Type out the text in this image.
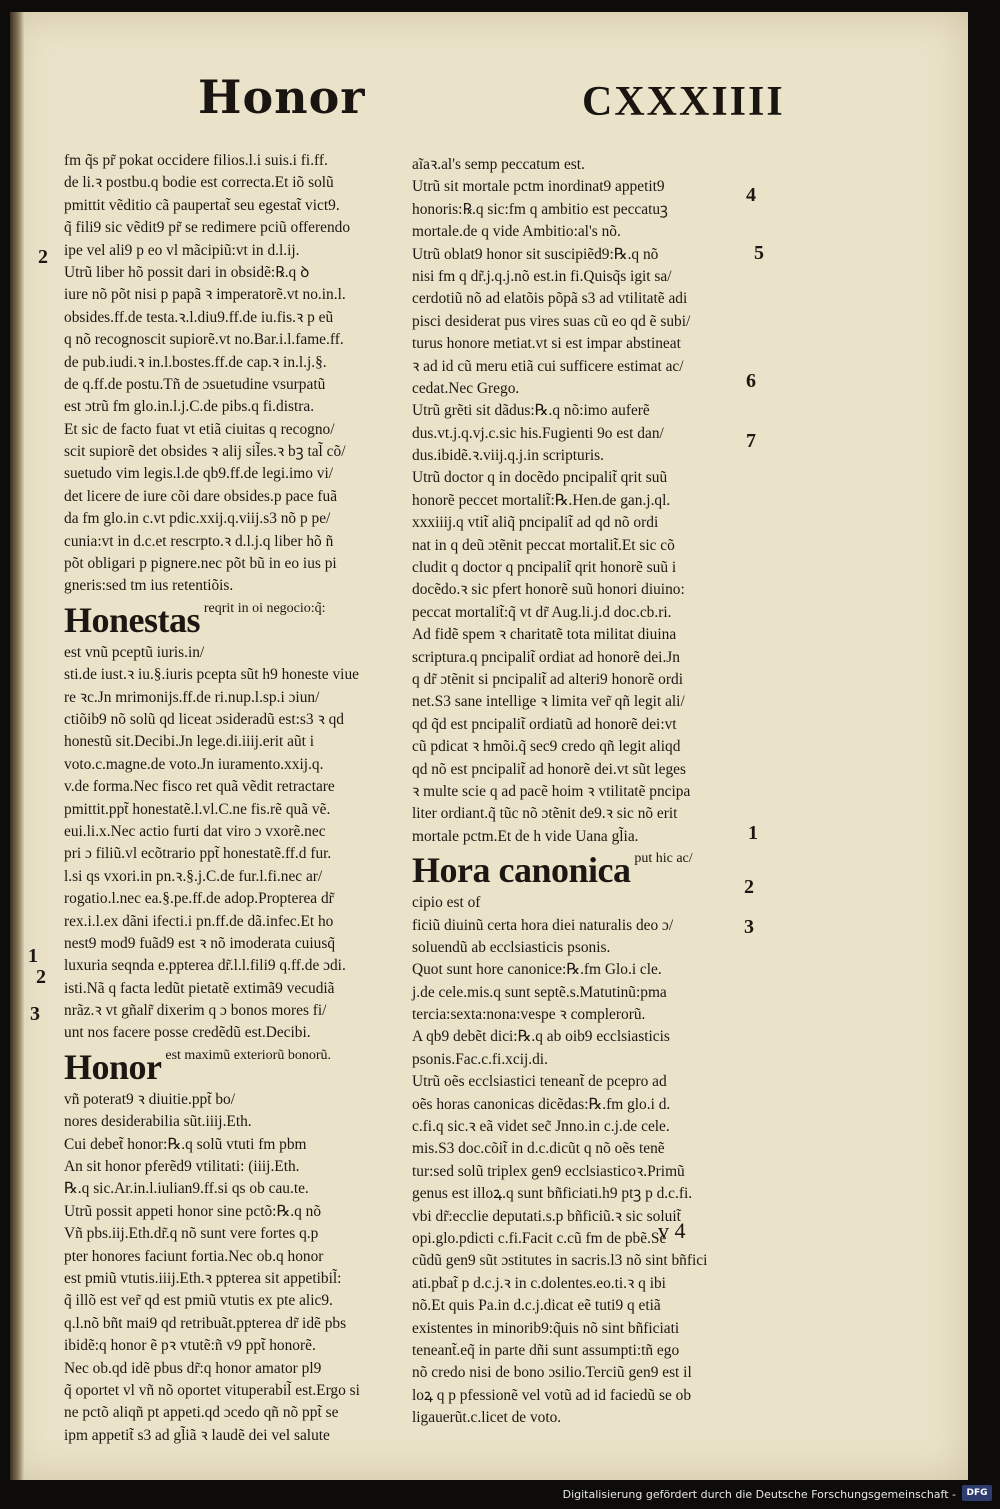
Honor	CXXXIIII
fm q̃s pr̃ pokat occidere filios.l.i suis.i fi.ff.
de li.ꝛ postbu.q bodie est correcta.Et iõ solũ
pmittit vẽditio cã paupertat̃ seu egestat̃ vict9.
q̃ fili9 sic vẽdit9 pr̃ se redimere pciũ offerendo
ipe vel ali9 p eo vl mãcipiũ:vt in d.l.ij.
Utrũ liber hõ possit dari in obsidẽ:℞.q ꝺ
iure nõ põt nisi p papã ꝛ imperatorẽ.vt no.in.l.
obsides.ff.de testa.ꝛ.l.diu9.ff.de iu.fis.ꝛ p eũ
q nõ recognoscit supiorẽ.vt no.Bar.i.l.fame.ff.
de pub.iudi.ꝛ in.l.bostes.ff.de cap.ꝛ in.l.j.§.
de q.ff.de postu.Tñ de ɔsuetudine vsurpatũ
est ɔtrũ fm glo.in.l.j.C.de pibs.q fi.distra.
Et sic de facto fuat vt etiã ciuitas q recogno/
scit supiorẽ det obsides ꝛ alij sil̃es.ꝛ bꝫ tal̃ cõ/
suetudo vim legis.l.de qb9.ff.de legi.imo vi/
det licere de iure cõi dare obsides.p pace fuã
da fm glo.in c.vt pdic.xxij.q.viij.s3 nõ p pe/
cunia:vt in d.c.et rescrpto.ꝛ d.l.j.q liber hõ ñ
põt obligari p pignere.nec põt bũ in eo ius pi
gneris:sed tm ius retentiõis.
Honestas reqrit in oi negocio:q̃:
est vnũ pceptũ iuris.in/
sti.de iust.ꝛ iu.§.iuris pcepta sũt h9 honeste viue
re ꝛc.Jn mrimonijs.ff.de ri.nup.l.sp.i ɔiun/
ctiõib9 nõ solũ qd liceat ɔsideradũ est:s3 ꝛ qd
honestũ sit.Decibi.Jn lege.di.iiij.erit aũt i
voto.c.magne.de voto.Jn iuramento.xxij.q.
v.de forma.Nec fisco ret quã vẽdit retractare
pmittit.ppt̃ honestatẽ.l.vl.C.ne fis.rẽ quã vẽ.
eui.li.x.Nec actio furti dat viro ɔ vxorẽ.nec
pri ɔ filiũ.vl ecõtrario ppt̃ honestatẽ.ff.d fur.
l.si qs vxori.in pn.ꝛ.§.j.C.de fur.l.fi.nec ar/
rogatio.l.nec ea.§.pe.ff.de adop.Propterea dr̃
rex.i.l.ex dãni ifecti.i pn.ff.de dã.infec.Et ho
nest9 mod9 fuãd9 est ꝛ nõ imoderata cuiusq̃
luxuria seqnda e.ppterea dr̃.l.l.fili9 q.ff.de ɔdi.
isti.Nã q facta ledũt pietatẽ extimã9 vecudiã
nrãz.ꝛ vt gñalr̃ dixerim q ɔ bonos mores fi/
unt nos facere posse credẽdũ est.Decibi.
Honor est maximũ exteriorũ bonorũ.
vñ poterat9 ꝛ diuitie.ppt̃ bo/
nores desiderabilia sũt.iiij.Eth.
Cui debet̃ honor:℞.q solũ vtuti fm pbm
An sit honor pferẽd9 vtilitati: (iiij.Eth.
℞.q sic.Ar.in.l.iulian9.ff.si qs ob cau.te.
Utrũ possit appeti honor sine pctõ:℞.q nõ
Vñ pbs.iij.Eth.dr̃.q nõ sunt vere fortes q.p
pter honores faciunt fortia.Nec ob.q honor
est pmiũ vtutis.iiij.Eth.ꝛ ppterea sit appetibil̃:
q̃ illõ est ver̃ qd est pmiũ vtutis ex pte alic9.
q.l.nõ bñt mai9 qd retribuãt.ppterea dr̃ idẽ pbs
ibidẽ:q honor ẽ pꝛ vtutẽ:ñ v9 ppt̃ honorẽ.
Nec ob.qd idẽ pbus dr̃:q honor amator pl9
q̃ oportet vl vñ nõ oportet vituperabil̃ est.Ergo si
ne pctõ aliqñ pt appeti.qd ɔcedo qñ nõ ppt̃ se
ipm appetit̃ s3 ad gl̃iã ꝛ laudẽ dei vel salute
aĩaꝛ.al's semp peccatum est.
Utrũ sit mortale pctm inordinat9 appetit9
honoris:℞.q sic:fm q ambitio est peccatuꝫ
mortale.de q vide Ambitio:al's nõ.
Utrũ oblat9 honor sit suscipiẽd9:℞.q nõ
nisi fm q dr̃.j.q.j.nõ est.in fi.Quisq̃s igit sa/
cerdotiũ nõ ad elatõis põpã s3 ad vtilitatẽ adi
pisci desiderat pus vires suas cũ eo qd ẽ subi/
turus honore metiat.vt si est impar abstineat
ꝛ ad id cũ meru etiã cui sufficere estimat ac/
cedat.Nec Grego.
Utrũ grẽti sit dãdus:℞.q nõ:imo auferẽ
dus.vt.j.q.vj.c.sic his.Fugienti 9o est dan/
dus.ibidẽ.ꝛ.viij.q.j.in scripturis.
Utrũ doctor q in docẽdo pncipalit̃ qrit suũ
honorẽ peccet mortalit̃:℞.Hen.de gan.j.ql.
xxxiiij.q vtit̃ aliq̃ pncipalit̃ ad qd nõ ordi
nat in q deũ ɔtẽnit peccat mortalit̃.Et sic cõ
cludit q doctor q pncipalit̃ qrit honorẽ suũ i
docẽdo.ꝛ sic pfert honorẽ suũ honori diuino:
peccat mortalit̃:q̃ vt dr̃ Aug.li.j.d doc.cb.ri.
Ad fidẽ spem ꝛ charitatẽ tota militat diuina
scriptura.q pncipalit̃ ordiat ad honorẽ dei.Jn
q dr̃ ɔtẽnit si pncipalit̃ ad alteri9 honorẽ ordi
net.S3 sane intellige ꝛ limita ver̃ qñ legit ali/
qd q̃d est pncipalit̃ ordiatũ ad honorẽ dei:vt
cũ pdicat ꝛ hmõi.q̃ sec9 credo qñ legit aliqd
qd nõ est pncipalit̃ ad honorẽ dei.vt sũt leges
ꝛ multe scie q ad pacẽ hoim ꝛ vtilitatẽ pncipa
liter ordiant.q̃ tũc nõ ɔtẽnit de9.ꝛ sic nõ erit
mortale pctm.Et de h vide Uana gl̃ia.
Hora canonica put hic ac/
cipio est of
ficiũ diuinũ certa hora diei naturalis deo ɔ/
soluendũ ab ecclsiasticis psonis.
Quot sunt hore canonice:℞.fm Glo.i cle.
j.de cele.mis.q sunt septẽ.s.Matutinũ:pma
tercia:sexta:nona:vespe ꝛ complerorũ.
A qb9 debẽt dici:℞.q ab oib9 ecclsiasticis
psonis.Fac.c.fi.xcij.di.
Utrũ oẽs ecclsiastici teneant̃ de pcepro ad
oẽs horas canonicas dicẽdas:℞.fm glo.i d.
c.fi.q sic.ꝛ eã videt sec̃ Jnno.in c.j.de cele.
mis.S3 doc.cõit̃ in d.c.dicũt q nõ oẽs tenẽ
tur:sed solũ triplex gen9 ecclsiasticoꝛ.Primũ
genus est illoꝝ.q sunt bñficiati.h9 ptꝫ p d.c.fi.
vbi dr̃:ecclie deputati.s.p bñficiũ.ꝛ sic soluit̃
opi.glo.pdicti c.fi.Facit c.cũ fm de pbẽ.Se
cũdũ gen9 sũt ɔstitutes in sacris.l3 nõ sint bñfici
ati.pbat̃ p d.c.j.ꝛ in c.dolentes.eo.ti.ꝛ q ibi
nõ.Et quis Pa.in d.c.j.dicat eẽ tuti9 q etiã
existentes in minorib9:q̃uis nõ sint bñficiati
teneant̃.eq̃ in parte dñi sunt assumpti:tñ ego
nõ credo nisi de bono ɔsilio.Terciũ gen9 est il
loꝝ q p pfessionẽ vel votũ ad id faciedũ se ob
ligauerũt.c.licet de voto.
2
1
2
3
4
5
6
7
1
2
3
v 4
Digitalisierung gefördert durch die Deutsche Forschungsgemeinschaft -	DFG
